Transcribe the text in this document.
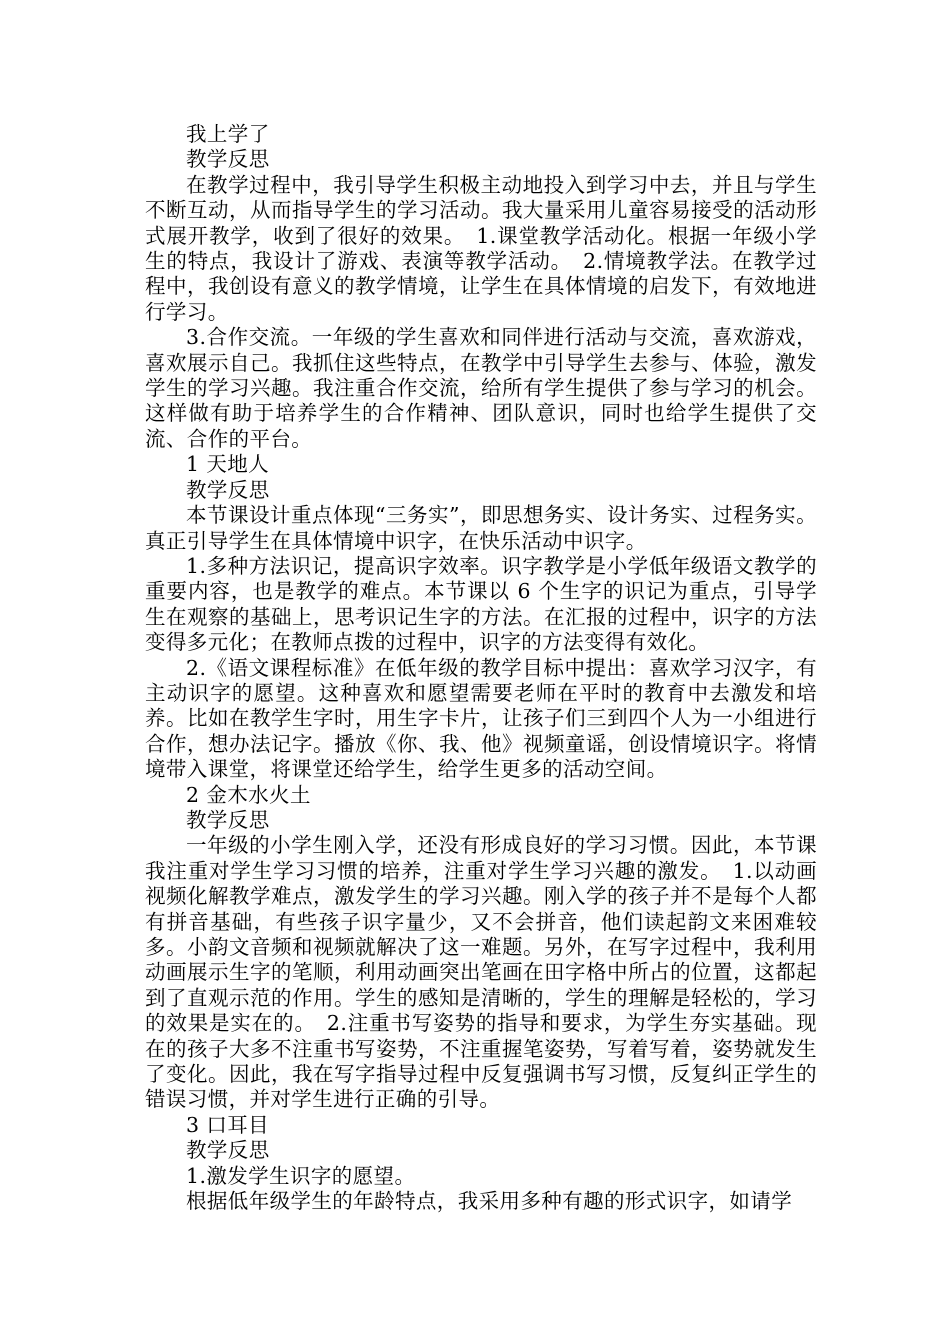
我上学了

教学反思

在教学过程中，我引导学生积极主动地投入到学习中去，并且与学生不断互动，从而指导学生的学习活动。我大量采用儿童容易接受的活动形式展开教学，收到了很好的效果。　1.课堂教学活动化。根据一年级小学生的特点，我设计了游戏、表演等教学活动。　2.情境教学法。在教学过程中，我创设有意义的教学情境，让学生在具体情境的启发下，有效地进行学习。

3.合作交流。一年级的学生喜欢和同伴进行活动与交流，喜欢游戏，喜欢展示自己。我抓住这些特点，在教学中引导学生去参与、体验，激发学生的学习兴趣。我注重合作交流，给所有学生提供了参与学习的机会。这样做有助于培养学生的合作精神、团队意识，同时也给学生提供了交流、合作的平台。

1 天地人

教学反思

本节课设计重点体现“三务实”，即思想务实、设计务实、过程务实。真正引导学生在具体情境中识字，在快乐活动中识字。

1.多种方法识记，提高识字效率。识字教学是小学低年级语文教学的重要内容，也是教学的难点。本节课以 6 个生字的识记为重点，引导学生在观察的基础上，思考识记生字的方法。在汇报的过程中，识字的方法变得多元化；在教师点拨的过程中，识字的方法变得有效化。

2.《语文课程标准》在低年级的教学目标中提出：喜欢学习汉字，有主动识字的愿望。这种喜欢和愿望需要老师在平时的教育中去激发和培养。比如在教学生字时，用生字卡片，让孩子们三到四个人为一小组进行合作，想办法记字。播放《你、我、他》视频童谣，创设情境识字。将情境带入课堂，将课堂还给学生，给学生更多的活动空间。

2 金木水火土

教学反思

一年级的小学生刚入学，还没有形成良好的学习习惯。因此，本节课我注重对学生学习习惯的培养，注重对学生学习兴趣的激发。　1.以动画视频化解教学难点，激发学生的学习兴趣。刚入学的孩子并不是每个人都有拼音基础，有些孩子识字量少，又不会拼音，他们读起韵文来困难较多。小韵文音频和视频就解决了这一难题。另外，在写字过程中，我利用动画展示生字的笔顺，利用动画突出笔画在田字格中所占的位置，这都起到了直观示范的作用。学生的感知是清晰的，学生的理解是轻松的，学习的效果是实在的。　2.注重书写姿势的指导和要求，为学生夯实基础。现在的孩子大多不注重书写姿势，不注重握笔姿势，写着写着，姿势就发生了变化。因此，我在写字指导过程中反复强调书写习惯，反复纠正学生的错误习惯，并对学生进行正确的引导。

3 口耳目

教学反思

1.激发学生识字的愿望。

根据低年级学生的年龄特点，我采用多种有趣的形式识字，如请学
